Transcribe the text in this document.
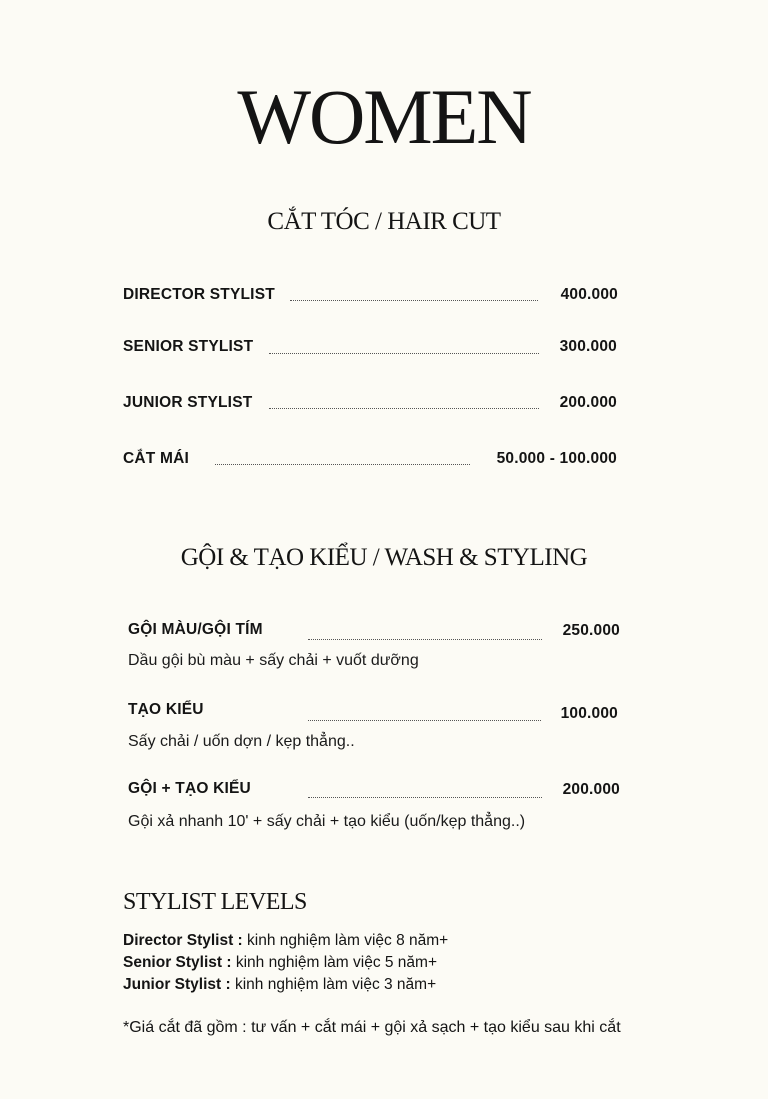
WOMEN
CẮT TÓC / HAIR CUT
DIRECTOR STYLIST	400.000
SENIOR STYLIST	300.000
JUNIOR STYLIST	200.000
CẮT MÁI	50.000 - 100.000
GỘI & TẠO KIỂU / WASH & STYLING
GỘI MÀU/GỘI TÍM	250.000
Dầu gội bù màu + sấy chải + vuốt dưỡng
TẠO KIỂU	100.000
Sấy chải / uốn dợn / kẹp thẳng..
GỘI + TẠO KIỂU	200.000
Gội xả nhanh 10' + sấy chải + tạo kiểu (uốn/kẹp thẳng..)
STYLIST LEVELS
Director Stylist : kinh nghiệm làm việc 8 năm+
Senior Stylist : kinh nghiệm làm việc 5 năm+
Junior Stylist : kinh nghiệm làm việc 3 năm+
*Giá cắt đã gồm : tư vấn + cắt mái + gội xả sạch + tạo kiểu sau khi cắt
